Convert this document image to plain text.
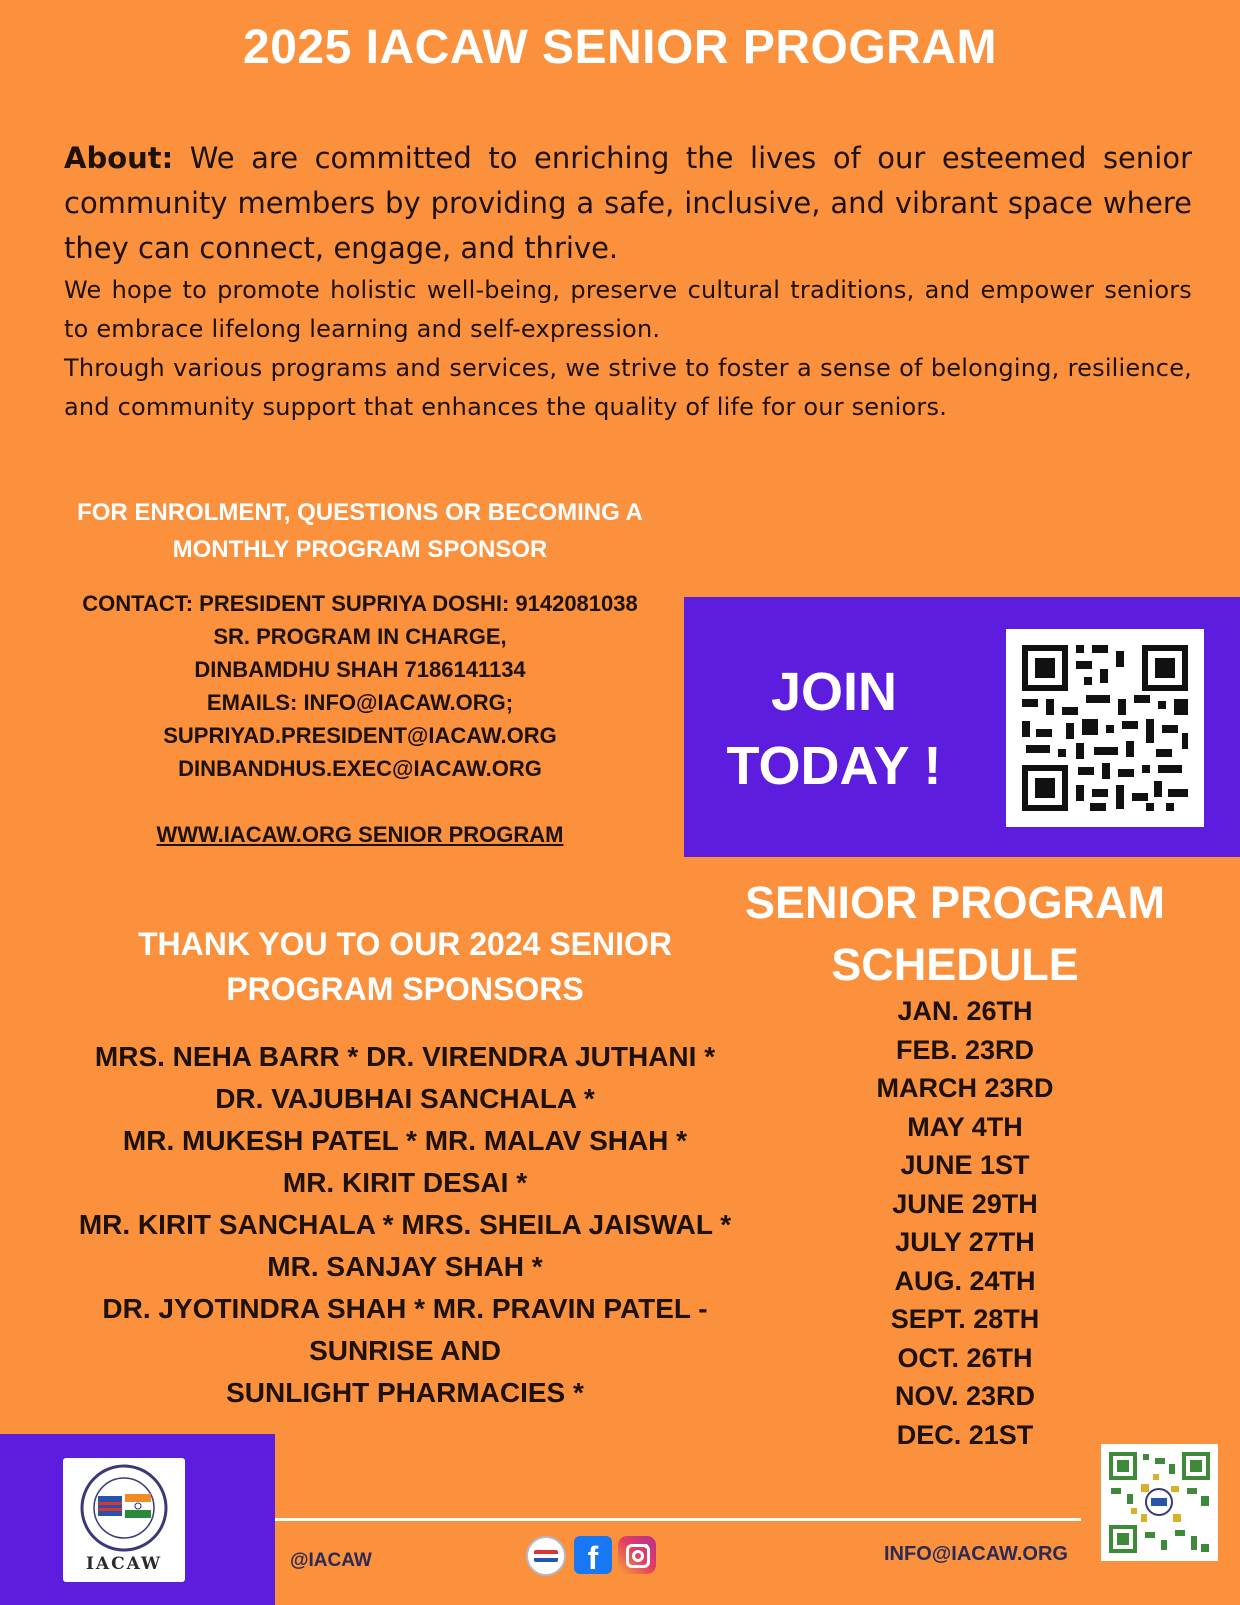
2025 IACAW SENIOR PROGRAM

About: We are committed to enriching the lives of our esteemed senior community members by providing a safe, inclusive, and vibrant space where they can connect, engage, and thrive.

We hope to promote holistic well-being, preserve cultural traditions, and empower seniors to embrace lifelong learning and self-expression.

Through various programs and services, we strive to foster a sense of belonging, resilience, and community support that enhances the quality of life for our seniors.

FOR ENROLMENT, QUESTIONS OR BECOMING A
MONTHLY PROGRAM SPONSOR
CONTACT: PRESIDENT SUPRIYA DOSHI: 9142081038
SR. PROGRAM IN CHARGE,
DINBAMDHU SHAH 7186141134
EMAILS: INFO@IACAW.ORG;
SUPRIYAD.PRESIDENT@IACAW.ORG
DINBANDHUS.EXEC@IACAW.ORG
WWW.IACAW.ORG SENIOR PROGRAM
JOIN
TODAY !
THANK YOU TO OUR 2024 SENIOR
PROGRAM SPONSORS
MRS. NEHA BARR * DR. VIRENDRA JUTHANI *
DR. VAJUBHAI SANCHALA *
MR. MUKESH PATEL * MR. MALAV SHAH *
MR. KIRIT DESAI *
MR. KIRIT SANCHALA * MRS. SHEILA JAISWAL *
MR. SANJAY SHAH *
DR. JYOTINDRA SHAH * MR. PRAVIN PATEL -
SUNRISE AND
SUNLIGHT PHARMACIES *
SENIOR PROGRAM
SCHEDULE
JAN. 26TH
FEB. 23RD
MARCH 23RD
MAY 4TH
JUNE 1ST
JUNE 29TH
JULY 27TH
AUG. 24TH
SEPT. 28TH
OCT. 26TH
NOV. 23RD
DEC. 21ST
IACAW	@IACAW	f	INFO@IACAW.ORG
